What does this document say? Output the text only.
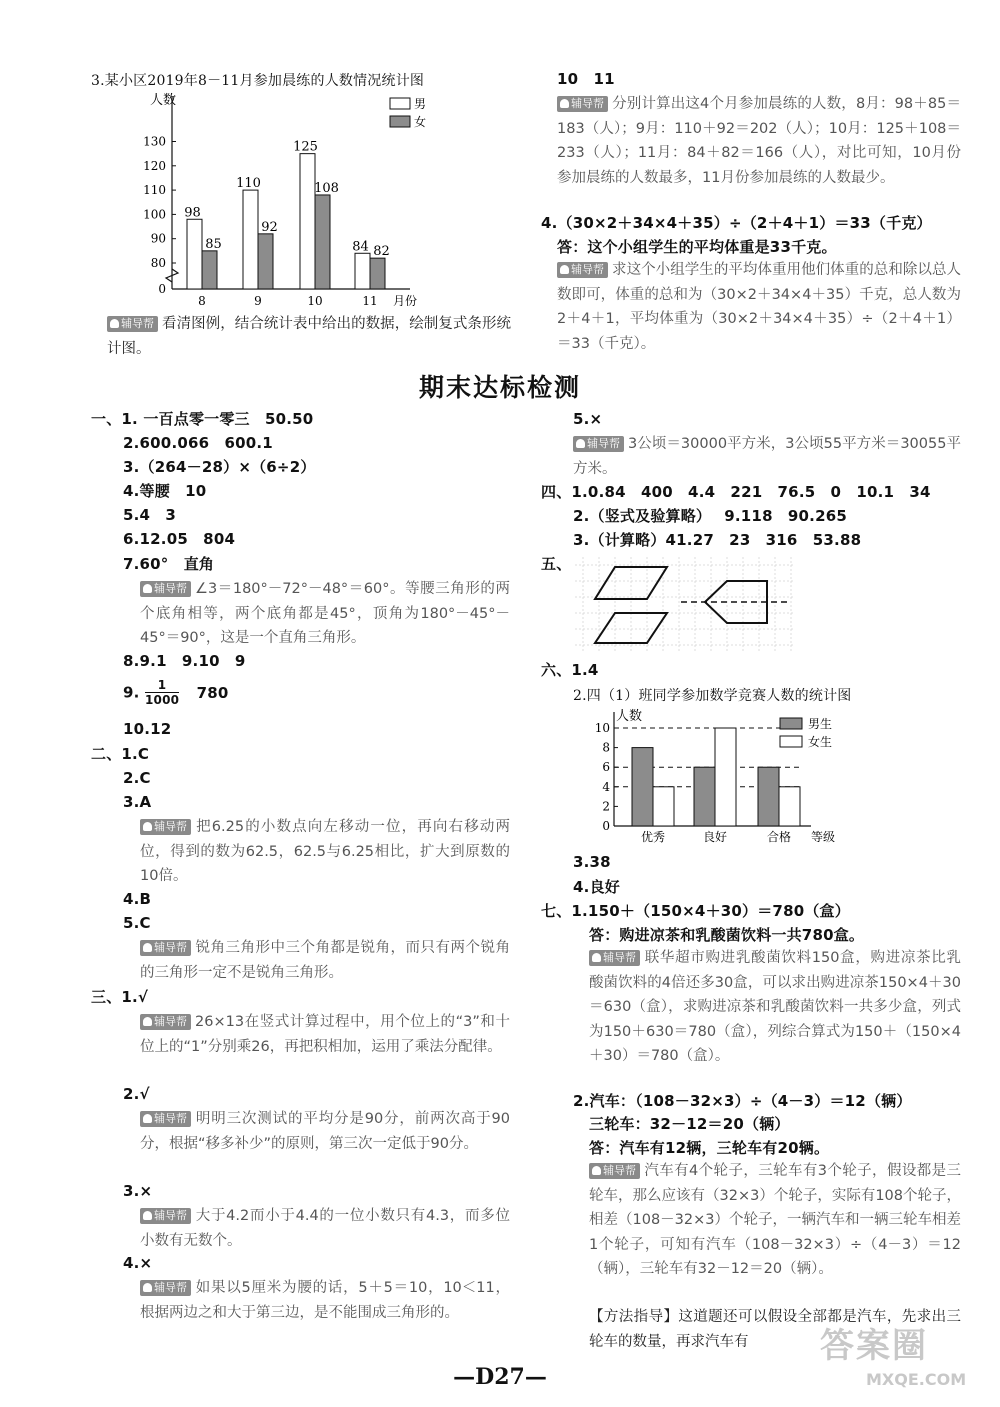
3.某小区2019年8－11月参加晨练的人数情况统计图
人数
0
80
90
100
110
120
130
98
85
8
110
92
9
125
108
10
84 82
11 月份
男
女
辅导帮 看清图例，结合统计表中给出的数据，绘制复式条形统计图。
10　11
辅导帮 分别计算出这4个月参加晨练的人数，8月：98＋85＝183（人）；9月：110＋92＝202（人）；10月：125＋108＝233（人）；11月：84＋82＝166（人），对比可知，10月份参加晨练的人数最多，11月份参加晨练的人数最少。
4.（30×2＋34×4＋35）÷（2＋4＋1）＝33（千克）
答：这个小组学生的平均体重是33千克。
辅导帮 求这个小组学生的平均体重用他们体重的总和除以总人数即可，体重的总和为（30×2＋34×4＋35）千克，总人数为2＋4＋1，平均体重为（30×2＋34×4＋35）÷（2＋4＋1）＝33（千克）。
期末达标检测
一、1. 一百点零一零三　50.50
2.600.066　600.1
3.（264－28）×（6÷2）
4.等腰　10
5.4　3
6.12.05　804
7.60°　直角
辅导帮 ∠3＝180°－72°－48°＝60°。等腰三角形的两个底角相等，两个底角都是45°，顶角为180°－45°－45°＝90°，这是一个直角三角形。
8.9.1　9.10　9
9. $\frac{1}{1000} 780$
10.12
二、1.C
2.C
3.A
辅导帮 把6.25的小数点向左移动一位，再向右移动两位，得到的数为62.5，62.5与6.25相比，扩大到原数的10倍。
4.B
5.C
辅导帮 锐角三角形中三个角都是锐角，而只有两个锐角的三角形一定不是锐角三角形。
三、1.√
辅导帮 26×13在竖式计算过程中，用个位上的“3”和十位上的“1”分别乘26，再把积相加，运用了乘法分配律。
2.√
辅导帮 明明三次测试的平均分是90分，前两次高于90分，根据“移多补少”的原则，第三次一定低于90分。
3.×
辅导帮 大于4.2而小于4.4的一位小数只有4.3，而多位小数有无数个。
4.×
辅导帮 如果以5厘米为腰的话，5＋5＝10，10＜11，根据两边之和大于第三边，是不能围成三角形的。
5.×
辅导帮 3公顷＝30000平方米，3公顷55平方米＝30055平方米。
四、1.0.84　400　4.4　221　76.5　0　10.1　34
2.（竖式及验算略）　 9.118　90.265
3.（计算略）41.27　23　316　53.88
五、
六、1.4
2.四（1）班同学参加数学竞赛人数的统计图
人数
0
2
4
6
8
10
优秀	良好	合格 等级
男生
女生
3.38
4.良好
七、1.150＋（150×4＋30）＝780（盒）
答：购进凉茶和乳酸菌饮料一共780盒。
辅导帮 联华超市购进乳酸菌饮料150盒，购进凉茶比乳酸菌饮料的4倍还多30盒，可以求出购进凉茶150×4＋30＝630（盒），求购进凉茶和乳酸菌饮料一共多少盒，列式为150＋630＝780（盒），列综合算式为150＋（150×4＋30）＝780（盒）。
2.汽车：（108－32×3）÷（4－3）＝12（辆）
三轮车：32－12＝20（辆）
答：汽车有12辆，三轮车有20辆。
辅导帮 汽车有4个轮子，三轮车有3个轮子，假设都是三轮车，那么应该有（32×3）个轮子，实际有108个轮子，相差（108－32×3）个轮子，一辆汽车和一辆三轮车相差1个轮子，可知有汽车（108－32×3）÷（4－3）＝12（辆），三轮车有32－12＝20（辆）。
【方法指导】这道题还可以假设全部都是汽车，先求出三轮车的数量，再求汽车有
—D27—
答案圈
MXQE.COM
